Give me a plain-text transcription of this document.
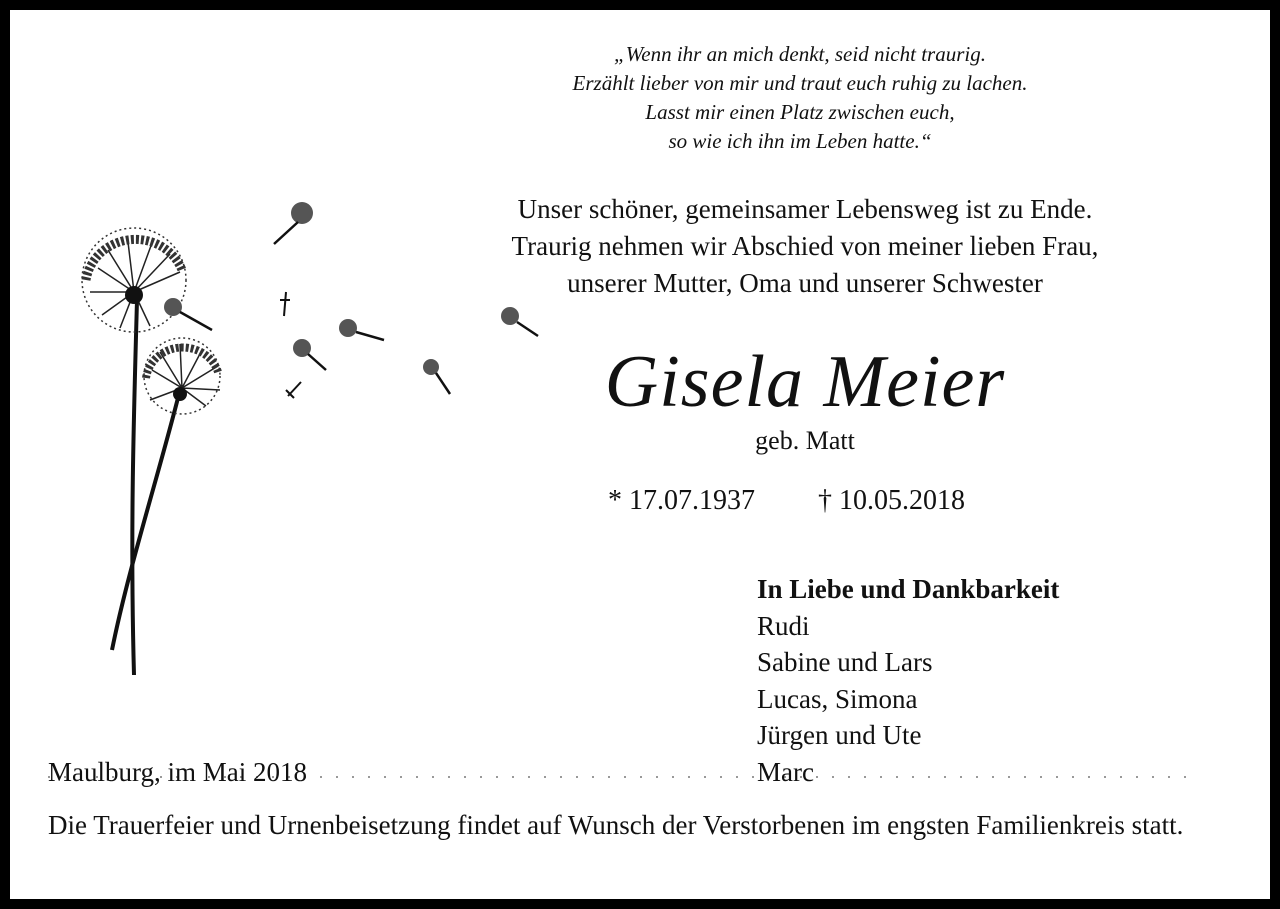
„Wenn ihr an mich denkt, seid nicht traurig.
Erzählt lieber von mir und traut euch ruhig zu lachen.
Lasst mir einen Platz zwischen euch,
so wie ich ihn im Leben hatte.“
Unser schöner, gemeinsamer Lebensweg ist zu Ende.
Traurig nehmen wir Abschied von meiner lieben Frau,
unserer Mutter, Oma und unserer Schwester
Gisela Meier
geb. Matt
* 17.07.1937 † 10.05.2018
In Liebe und Dankbarkeit
Rudi
Sabine und Lars
Lucas, Simona
Jürgen und Ute
Marc
Maulburg, im Mai 2018
Die Trauerfeier und Urnenbeisetzung findet auf Wunsch der Verstorbenen im engsten Familienkreis statt.
